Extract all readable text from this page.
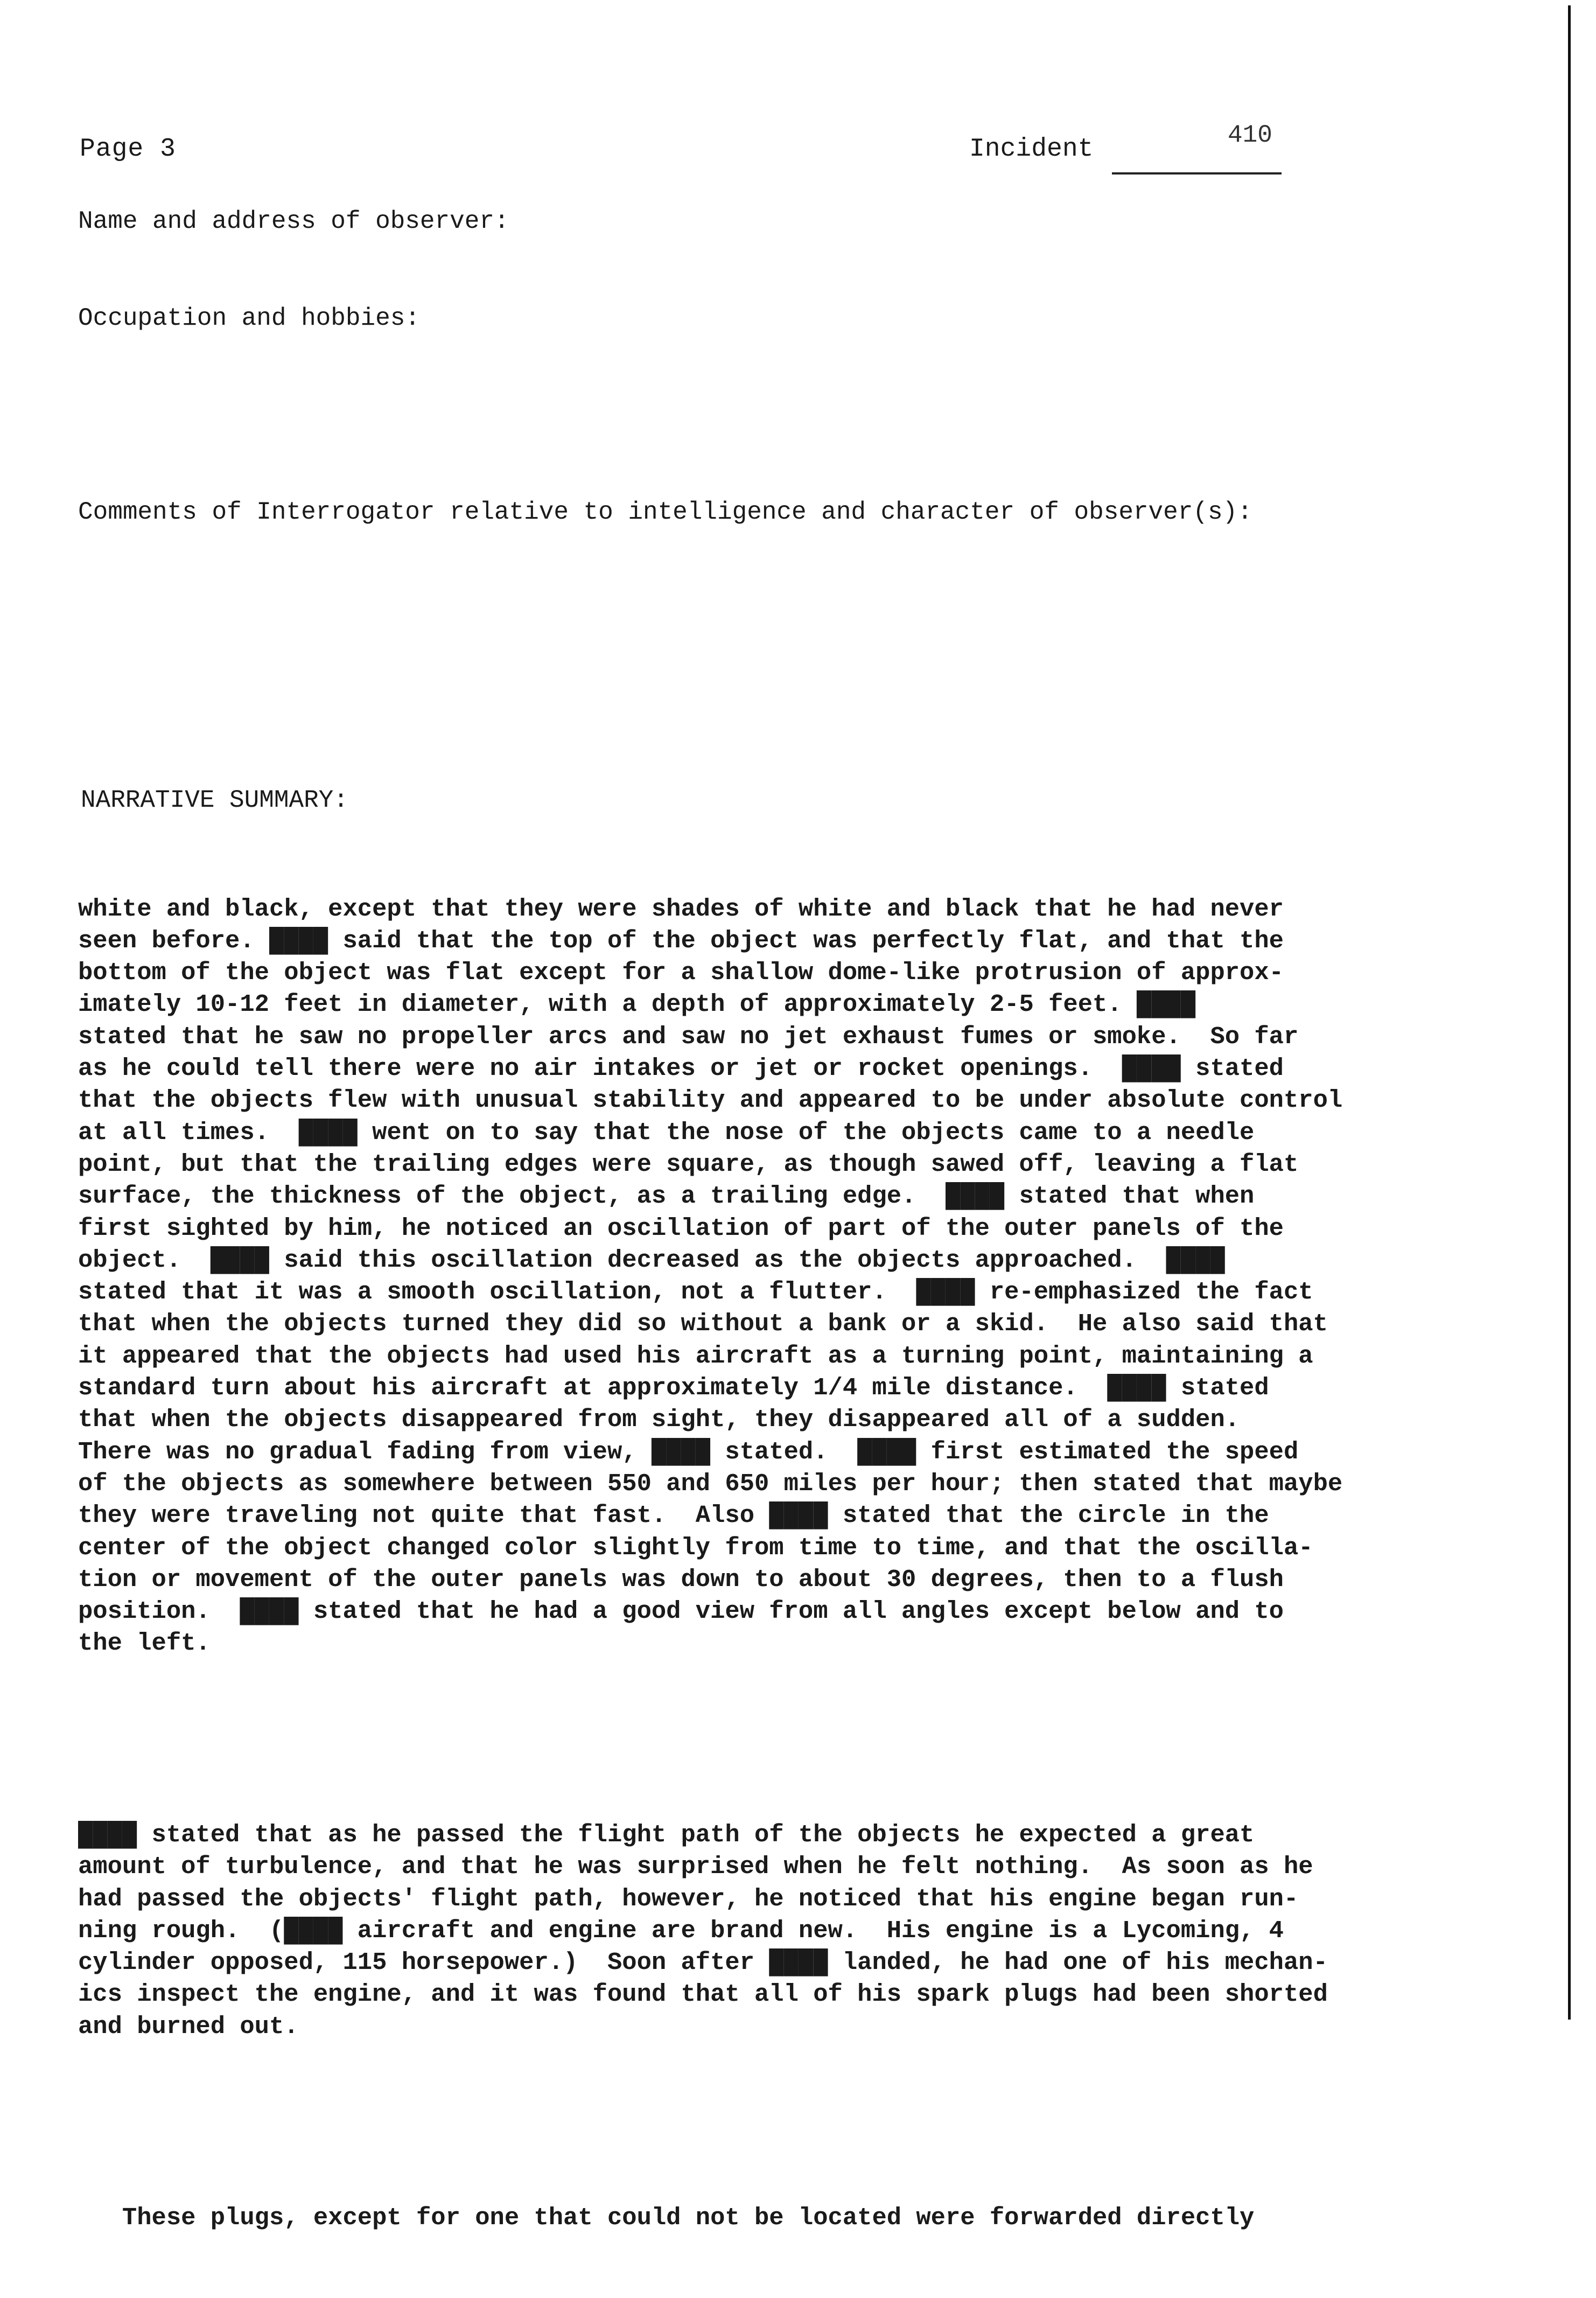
Page 3	Incident	410
Name and address of observer:
Occupation and hobbies:
Comments of Interrogator relative to intelligence and character of observer(s):
NARRATIVE SUMMARY:

white and black, except that they were shades of white and black that he had never
seen before. ████ said that the top of the object was perfectly flat, and that the
bottom of the object was flat except for a shallow dome-like protrusion of approx-
imately 10-12 feet in diameter, with a depth of approximately 2-5 feet. ████
stated that he saw no propeller arcs and saw no jet exhaust fumes or smoke.  So far
as he could tell there were no air intakes or jet or rocket openings.  ████ stated
that the objects flew with unusual stability and appeared to be under absolute control
at all times.  ████ went on to say that the nose of the objects came to a needle
point, but that the trailing edges were square, as though sawed off, leaving a flat
surface, the thickness of the object, as a trailing edge.  ████ stated that when
first sighted by him, he noticed an oscillation of part of the outer panels of the
object.  ████ said this oscillation decreased as the objects approached.  ████
stated that it was a smooth oscillation, not a flutter.  ████ re-emphasized the fact
that when the objects turned they did so without a bank or a skid.  He also said that
it appeared that the objects had used his aircraft as a turning point, maintaining a
standard turn about his aircraft at approximately 1/4 mile distance.  ████ stated
that when the objects disappeared from sight, they disappeared all of a sudden.
There was no gradual fading from view, ████ stated.  ████ first estimated the speed
of the objects as somewhere between 550 and 650 miles per hour; then stated that maybe
they were traveling not quite that fast.  Also ████ stated that the circle in the
center of the object changed color slightly from time to time, and that the oscilla-
tion or movement of the outer panels was down to about 30 degrees, then to a flush
position.  ████ stated that he had a good view from all angles except below and to
the left.

████ stated that as he passed the flight path of the objects he expected a great
amount of turbulence, and that he was surprised when he felt nothing.  As soon as he
had passed the objects' flight path, however, he noticed that his engine began run-
ning rough.  (████ aircraft and engine are brand new.  His engine is a Lycoming, 4
cylinder opposed, 115 horsepower.)  Soon after ████ landed, he had one of his mechan-
ics inspect the engine, and it was found that all of his spark plugs had been shorted
and burned out.

These plugs, except for one that could not be located were forwarded directly
